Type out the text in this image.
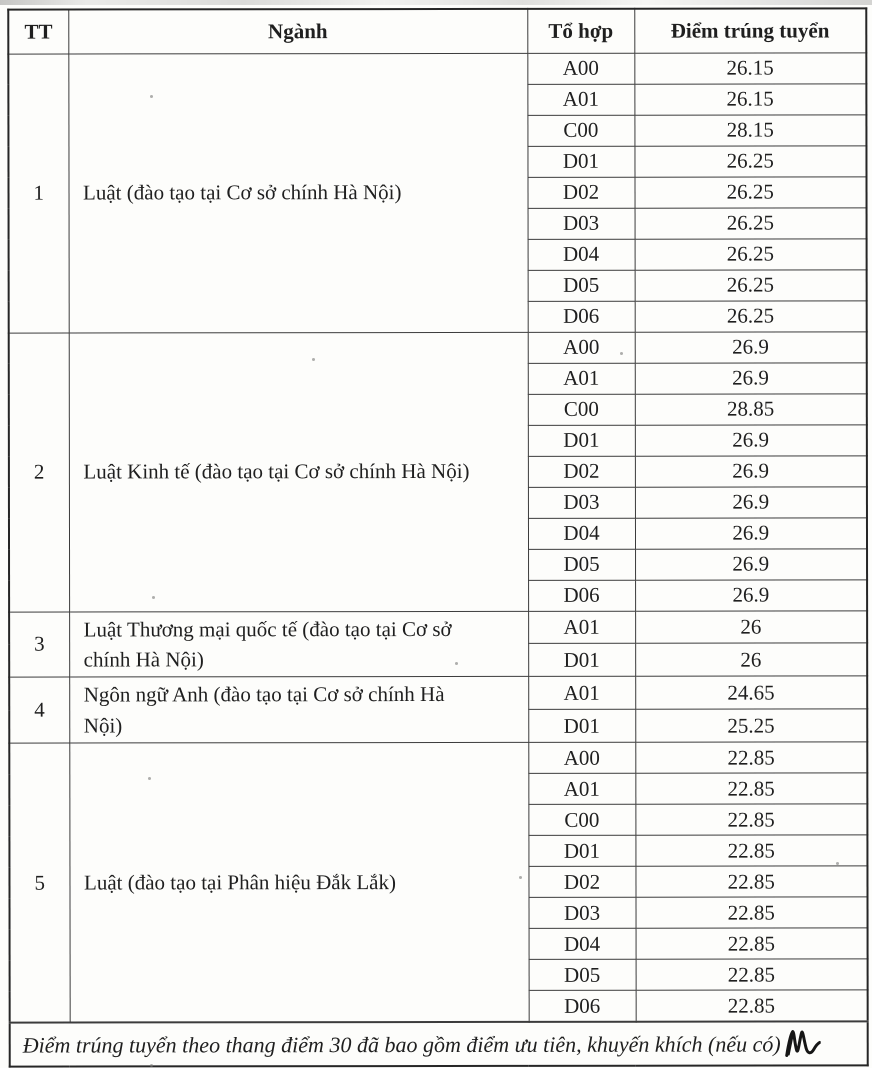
TT	Ngành	Tổ hợp	Điểm trúng tuyển
1	Luật (đào tạo tại Cơ sở chính Hà Nội)	A00	26.15
		A01	26.15
		C00	28.15
		D01	26.25
		D02	26.25
		D03	26.25
		D04	26.25
		D05	26.25
		D06	26.25
2	Luật Kinh tế (đào tạo tại Cơ sở chính Hà Nội)	A00	26.9
		A01	26.9
		C00	28.85
		D01	26.9
		D02	26.9
		D03	26.9
		D04	26.9
		D05	26.9
		D06	26.9
3	Luật Thương mại quốc tế (đào tạo tại Cơ sở chính Hà Nội)	A01	26
		D01	26
4	Ngôn ngữ Anh (đào tạo tại Cơ sở chính Hà Nội)	A01	24.65
		D01	25.25
5	Luật (đào tạo tại Phân hiệu Đắk Lắk)	A00	22.85
		A01	22.85
		C00	22.85
		D01	22.85
		D02	22.85
		D03	22.85
		D04	22.85
		D05	22.85
		D06	22.85
Điểm trúng tuyển theo thang điểm 30 đã bao gồm điểm ưu tiên, khuyến khích (nếu có)			
